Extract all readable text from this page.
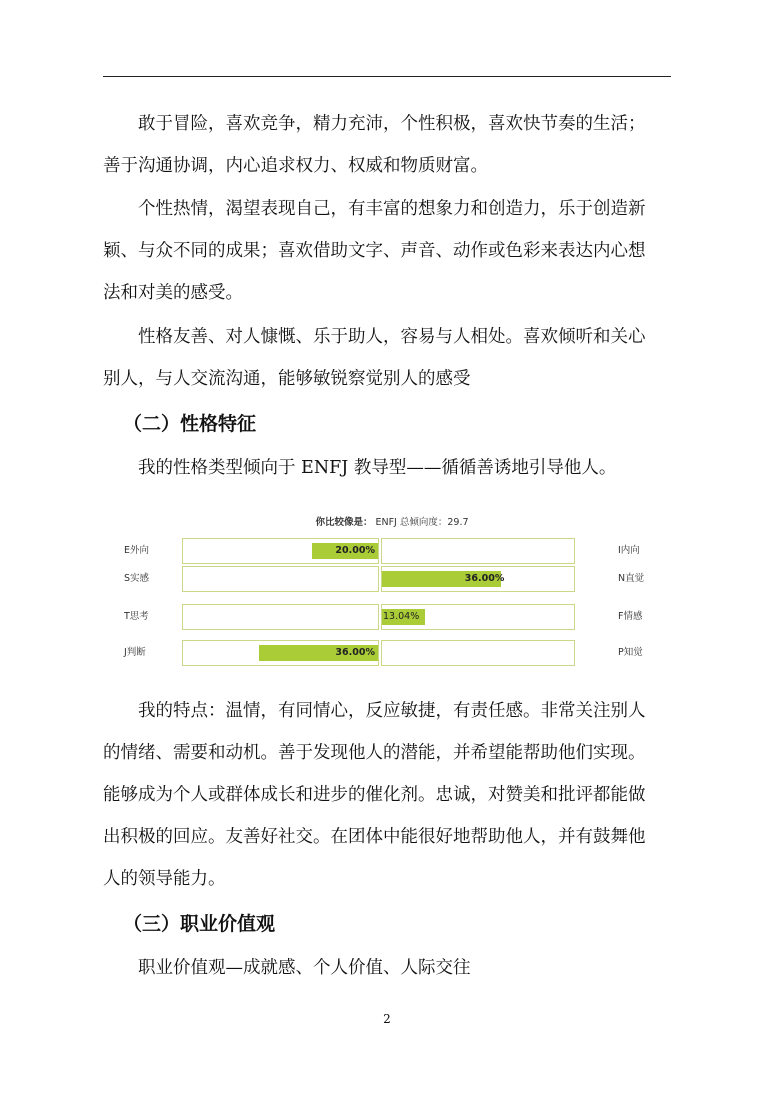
敢于冒险，喜欢竞争，精力充沛，个性积极，喜欢快节奏的生活；
善于沟通协调，内心追求权力、权威和物质财富。

个性热情，渴望表现自己，有丰富的想象力和创造力，乐于创造新
颖、与众不同的成果；喜欢借助文字、声音、动作或色彩来表达内心想
法和对美的感受。

性格友善、对人慷慨、乐于助人，容易与人相处。喜欢倾听和关心
别人，与人交流沟通，能够敏锐察觉别人的感受

（二）性格特征

我的性格类型倾向于 ENFJ 教导型——循循善诱地引导他人。

你比较像是： ENFJ 总倾向度：29.7
E外向	20.00%	I内向
S实感	36.00%	N直觉
T思考	13.04%	F情感
J判断	36.00%	P知觉

我的特点：温情，有同情心，反应敏捷，有责任感。非常关注别人
的情绪、需要和动机。善于发现他人的潜能，并希望能帮助他们实现。
能够成为个人或群体成长和进步的催化剂。忠诚，对赞美和批评都能做
出积极的回应。友善好社交。在团体中能很好地帮助他人，并有鼓舞他
人的领导能力。

（三）职业价值观

职业价值观—成就感、个人价值、人际交往

2
